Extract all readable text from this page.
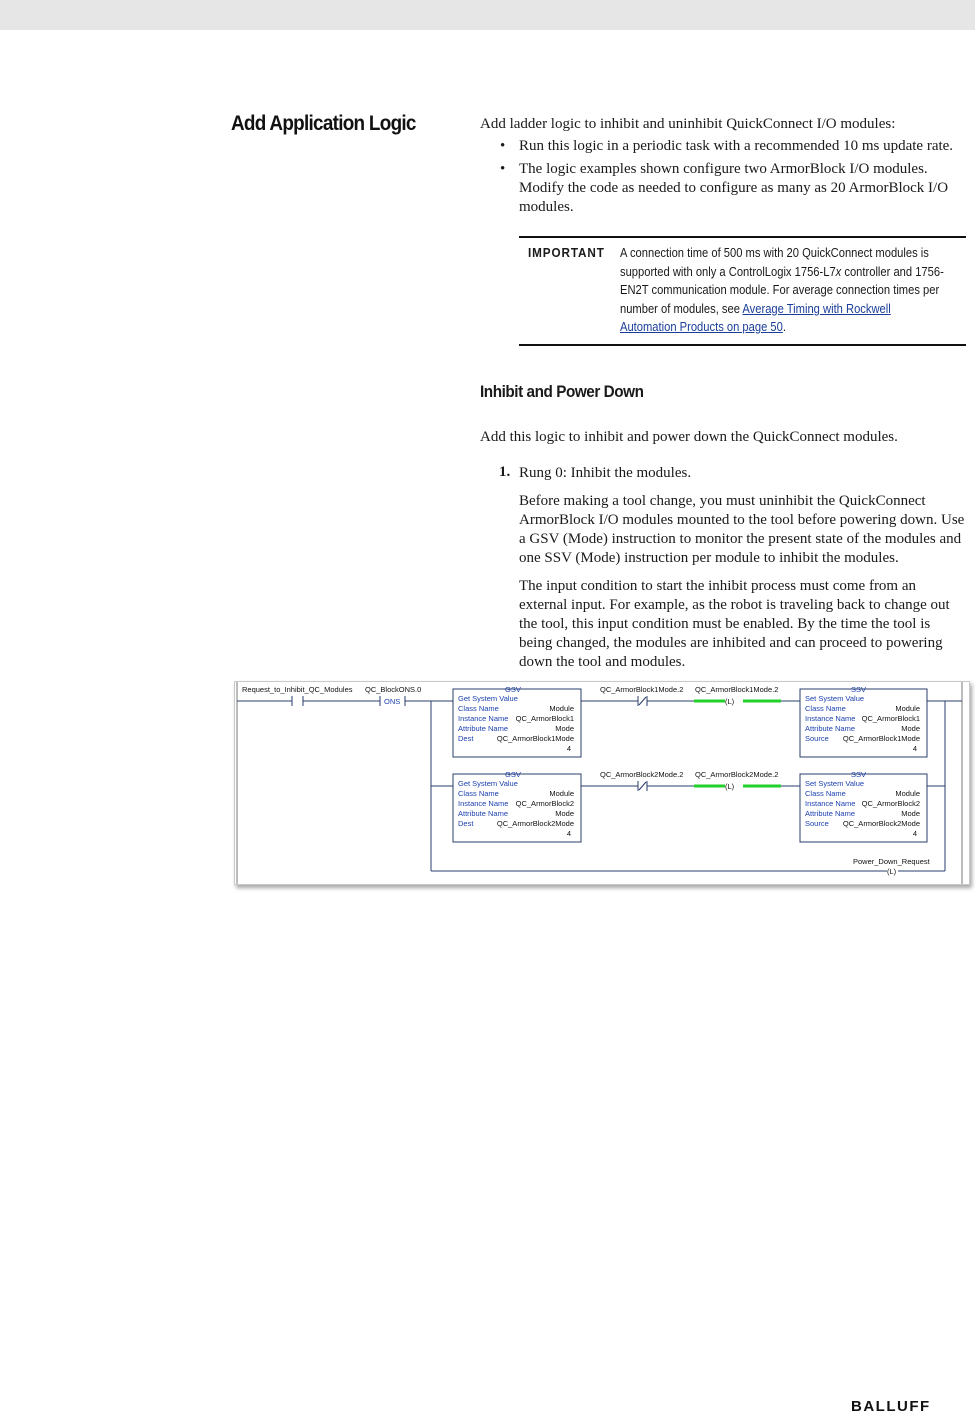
Add Application Logic	Add ladder logic to inhibit and uninhibit QuickConnect I/O modules:
• Run this logic in a periodic task with a recommended 10 ms update rate.
• The logic examples shown configure two ArmorBlock I/O modules. Modify the code as needed to configure as many as 20 ArmorBlock I/O modules.
IMPORTANT A connection time of 500 ms with 20 QuickConnect modules is supported with only a ControlLogix 1756-L7x controller and 1756-EN2T communication module. For average connection times per number of modules, see Average Timing with Rockwell Automation Products on page 50.
Inhibit and Power Down
Add this logic to inhibit and power down the QuickConnect modules.
1. Rung 0: Inhibit the modules.
Before making a tool change, you must uninhibit the QuickConnect ArmorBlock I/O modules mounted to the tool before powering down. Use a GSV (Mode) instruction to monitor the present state of the modules and one SSV (Mode) instruction per module to inhibit the modules.
The input condition to start the inhibit process must come from an external input. For example, as the robot is traveling back to change out the tool, this input condition must be enabled. By the time the tool is being changed, the modules are inhibited and can proceed to powering down the tool and modules.
Request_to_Inhibit_QC_Modules
ONS
QC_BlockONS.0	GSV
Get System Value
Class Name	Module
Instance Name QC_ArmorBlock1
Attribute Name	Mode
Dest	QC_ArmorBlock1Mode
4
QC_ArmorBlock1Mode.2
(L)
QC_ArmorBlock1Mode.2	SSV
Set System Value
Class Name	Module
Instance Name QC_ArmorBlock1
Attribute Name	Mode
Source QC_ArmorBlock1Mode
4
GSV
Get System Value
Class Name	Module
Instance Name QC_ArmorBlock2
Attribute Name	Mode
Dest	QC_ArmorBlock2Mode
4
QC_ArmorBlock2Mode.2
(L)
QC_ArmorBlock2Mode.2	SSV
Set System Value
Class Name	Module
Instance Name QC_ArmorBlock2
Attribute Name	Mode
Source QC_ArmorBlock2Mode
4
(L)
Power_Down_Request
BALLUFF
